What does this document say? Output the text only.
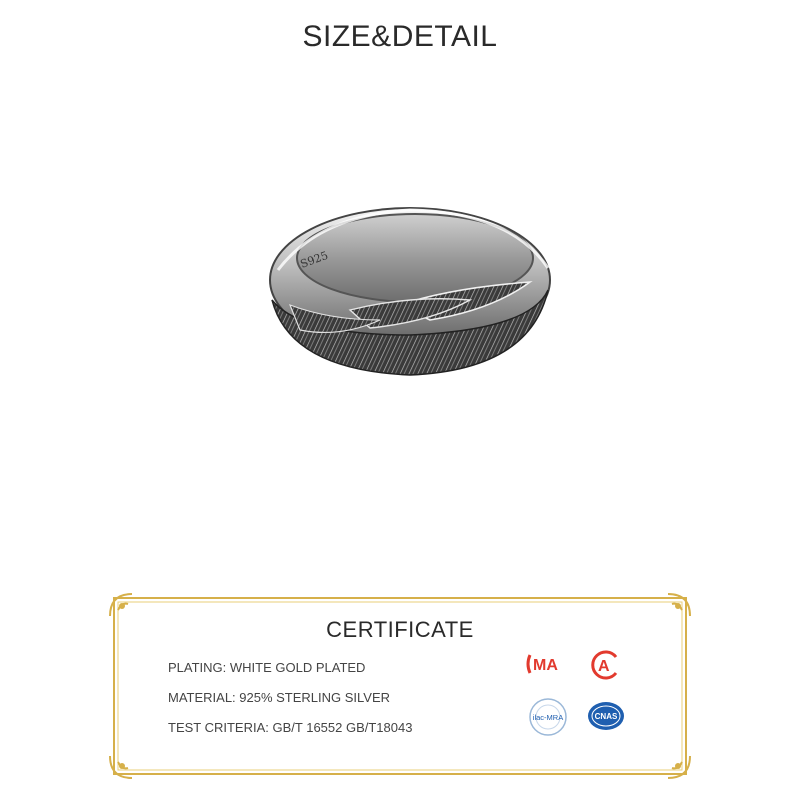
SIZE&DETAIL
S925
CERTIFICATE
PLATING: WHITE GOLD PLATED
MATERIAL: 925% STERLING SILVER
TEST CRITERIA: GB/T 16552 GB/T18043
MA	A
ilac-MRA	CNAS
